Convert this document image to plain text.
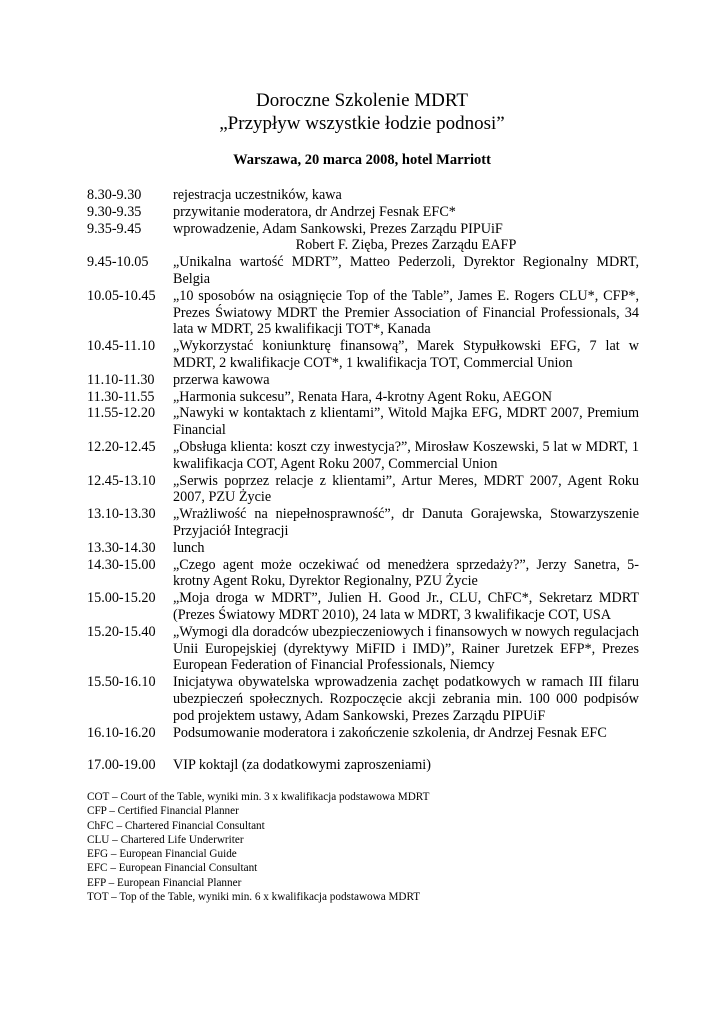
Doroczne Szkolenie MDRT
„Przypływ wszystkie łodzie podnosi”
Warszawa, 20 marca 2008, hotel Marriott
8.30-9.30	rejestracja uczestników, kawa
9.30-9.35	przywitanie moderatora, dr Andrzej Fesnak EFC*
9.35-9.45	wprowadzenie, Adam Sankowski, Prezes Zarządu PIPUiF
Robert F. Zięba, Prezes Zarządu EAFP
9.45-10.05	„Unikalna wartość MDRT”, Matteo Pederzoli, Dyrektor Regionalny MDRT, Belgia
10.05-10.45	„10 sposobów na osiągnięcie Top of the Table”, James E. Rogers CLU*, CFP*, Prezes Światowy MDRT the Premier Association of Financial Professionals, 34 lata w MDRT, 25 kwalifikacji TOT*, Kanada
10.45-11.10	„Wykorzystać koniunkturę finansową”, Marek Stypułkowski EFG, 7 lat w MDRT, 2 kwalifikacje COT*, 1 kwalifikacja TOT, Commercial Union
11.10-11.30	przerwa kawowa
11.30-11.55	„Harmonia sukcesu”, Renata Hara, 4-krotny Agent Roku, AEGON
11.55-12.20	„Nawyki w kontaktach z klientami”, Witold Majka EFG, MDRT 2007, Premium Financial
12.20-12.45	„Obsługa klienta: koszt czy inwestycja?”, Mirosław Koszewski, 5 lat w MDRT, 1 kwalifikacja COT, Agent Roku 2007, Commercial Union
12.45-13.10	„Serwis poprzez relacje z klientami”, Artur Meres, MDRT 2007, Agent Roku 2007, PZU Życie
13.10-13.30	„Wrażliwość na niepełnosprawność”, dr Danuta Gorajewska, Stowarzyszenie Przyjaciół Integracji
13.30-14.30	lunch
14.30-15.00	„Czego agent może oczekiwać od menedżera sprzedaży?”, Jerzy Sanetra, 5-krotny Agent Roku, Dyrektor Regionalny, PZU Życie
15.00-15.20	„Moja droga w MDRT”, Julien H. Good Jr., CLU, ChFC*, Sekretarz MDRT (Prezes Światowy MDRT 2010), 24 lata w MDRT, 3 kwalifikacje COT, USA
15.20-15.40	„Wymogi dla doradców ubezpieczeniowych i finansowych w nowych regulacjach Unii Europejskiej (dyrektywy MiFID i IMD)”, Rainer Juretzek EFP*, Prezes European Federation of Financial Professionals, Niemcy
15.50-16.10	Inicjatywa obywatelska wprowadzenia zachęt podatkowych w ramach III filaru ubezpieczeń społecznych. Rozpoczęcie akcji zebrania min. 100 000 podpisów pod projektem ustawy, Adam Sankowski, Prezes Zarządu PIPUiF
16.10-16.20	Podsumowanie moderatora i zakończenie szkolenia, dr Andrzej Fesnak EFC
17.00-19.00	VIP koktajl (za dodatkowymi zaproszeniami)
COT – Court of the Table, wyniki min. 3 x kwalifikacja podstawowa MDRT
CFP – Certified Financial Planner
ChFC – Chartered Financial Consultant
CLU – Chartered Life Underwriter
EFG – European Financial Guide
EFC – European Financial Consultant
EFP – European Financial Planner
TOT – Top of the Table, wyniki min. 6 x kwalifikacja podstawowa MDRT
